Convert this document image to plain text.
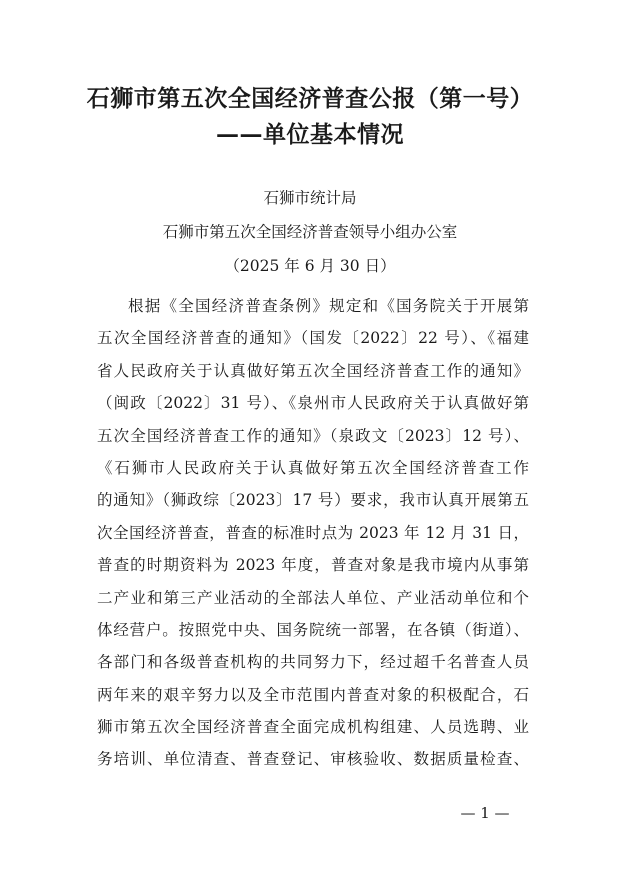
石狮市第五次全国经济普查公报（第一号）
——单位基本情况
石狮市统计局
石狮市第五次全国经济普查领导小组办公室
（2025 年 6 月 30 日）
根据《全国经济普查条例》规定和《国务院关于开展第
五次全国经济普查的通知》（国发〔2022〕22 号）、《福建
省人民政府关于认真做好第五次全国经济普查工作的通知》
（闽政〔2022〕31 号）、《泉州市人民政府关于认真做好第
五次全国经济普查工作的通知》（泉政文〔2023〕12 号）、
《石狮市人民政府关于认真做好第五次全国经济普查工作
的通知》（狮政综〔2023〕17 号）要求，我市认真开展第五
次全国经济普查，普查的标准时点为 2023 年 12 月 31 日，
普查的时期资料为 2023 年度，普查对象是我市境内从事第
二产业和第三产业活动的全部法人单位、产业活动单位和个
体经营户。按照党中央、国务院统一部署，在各镇（街道）、
各部门和各级普查机构的共同努力下，经过超千名普查人员
两年来的艰辛努力以及全市范围内普查对象的积极配合，石
狮市第五次全国经济普查全面完成机构组建、人员选聘、业
务培训、单位清查、普查登记、审核验收、数据质量检查、
— 1 —
